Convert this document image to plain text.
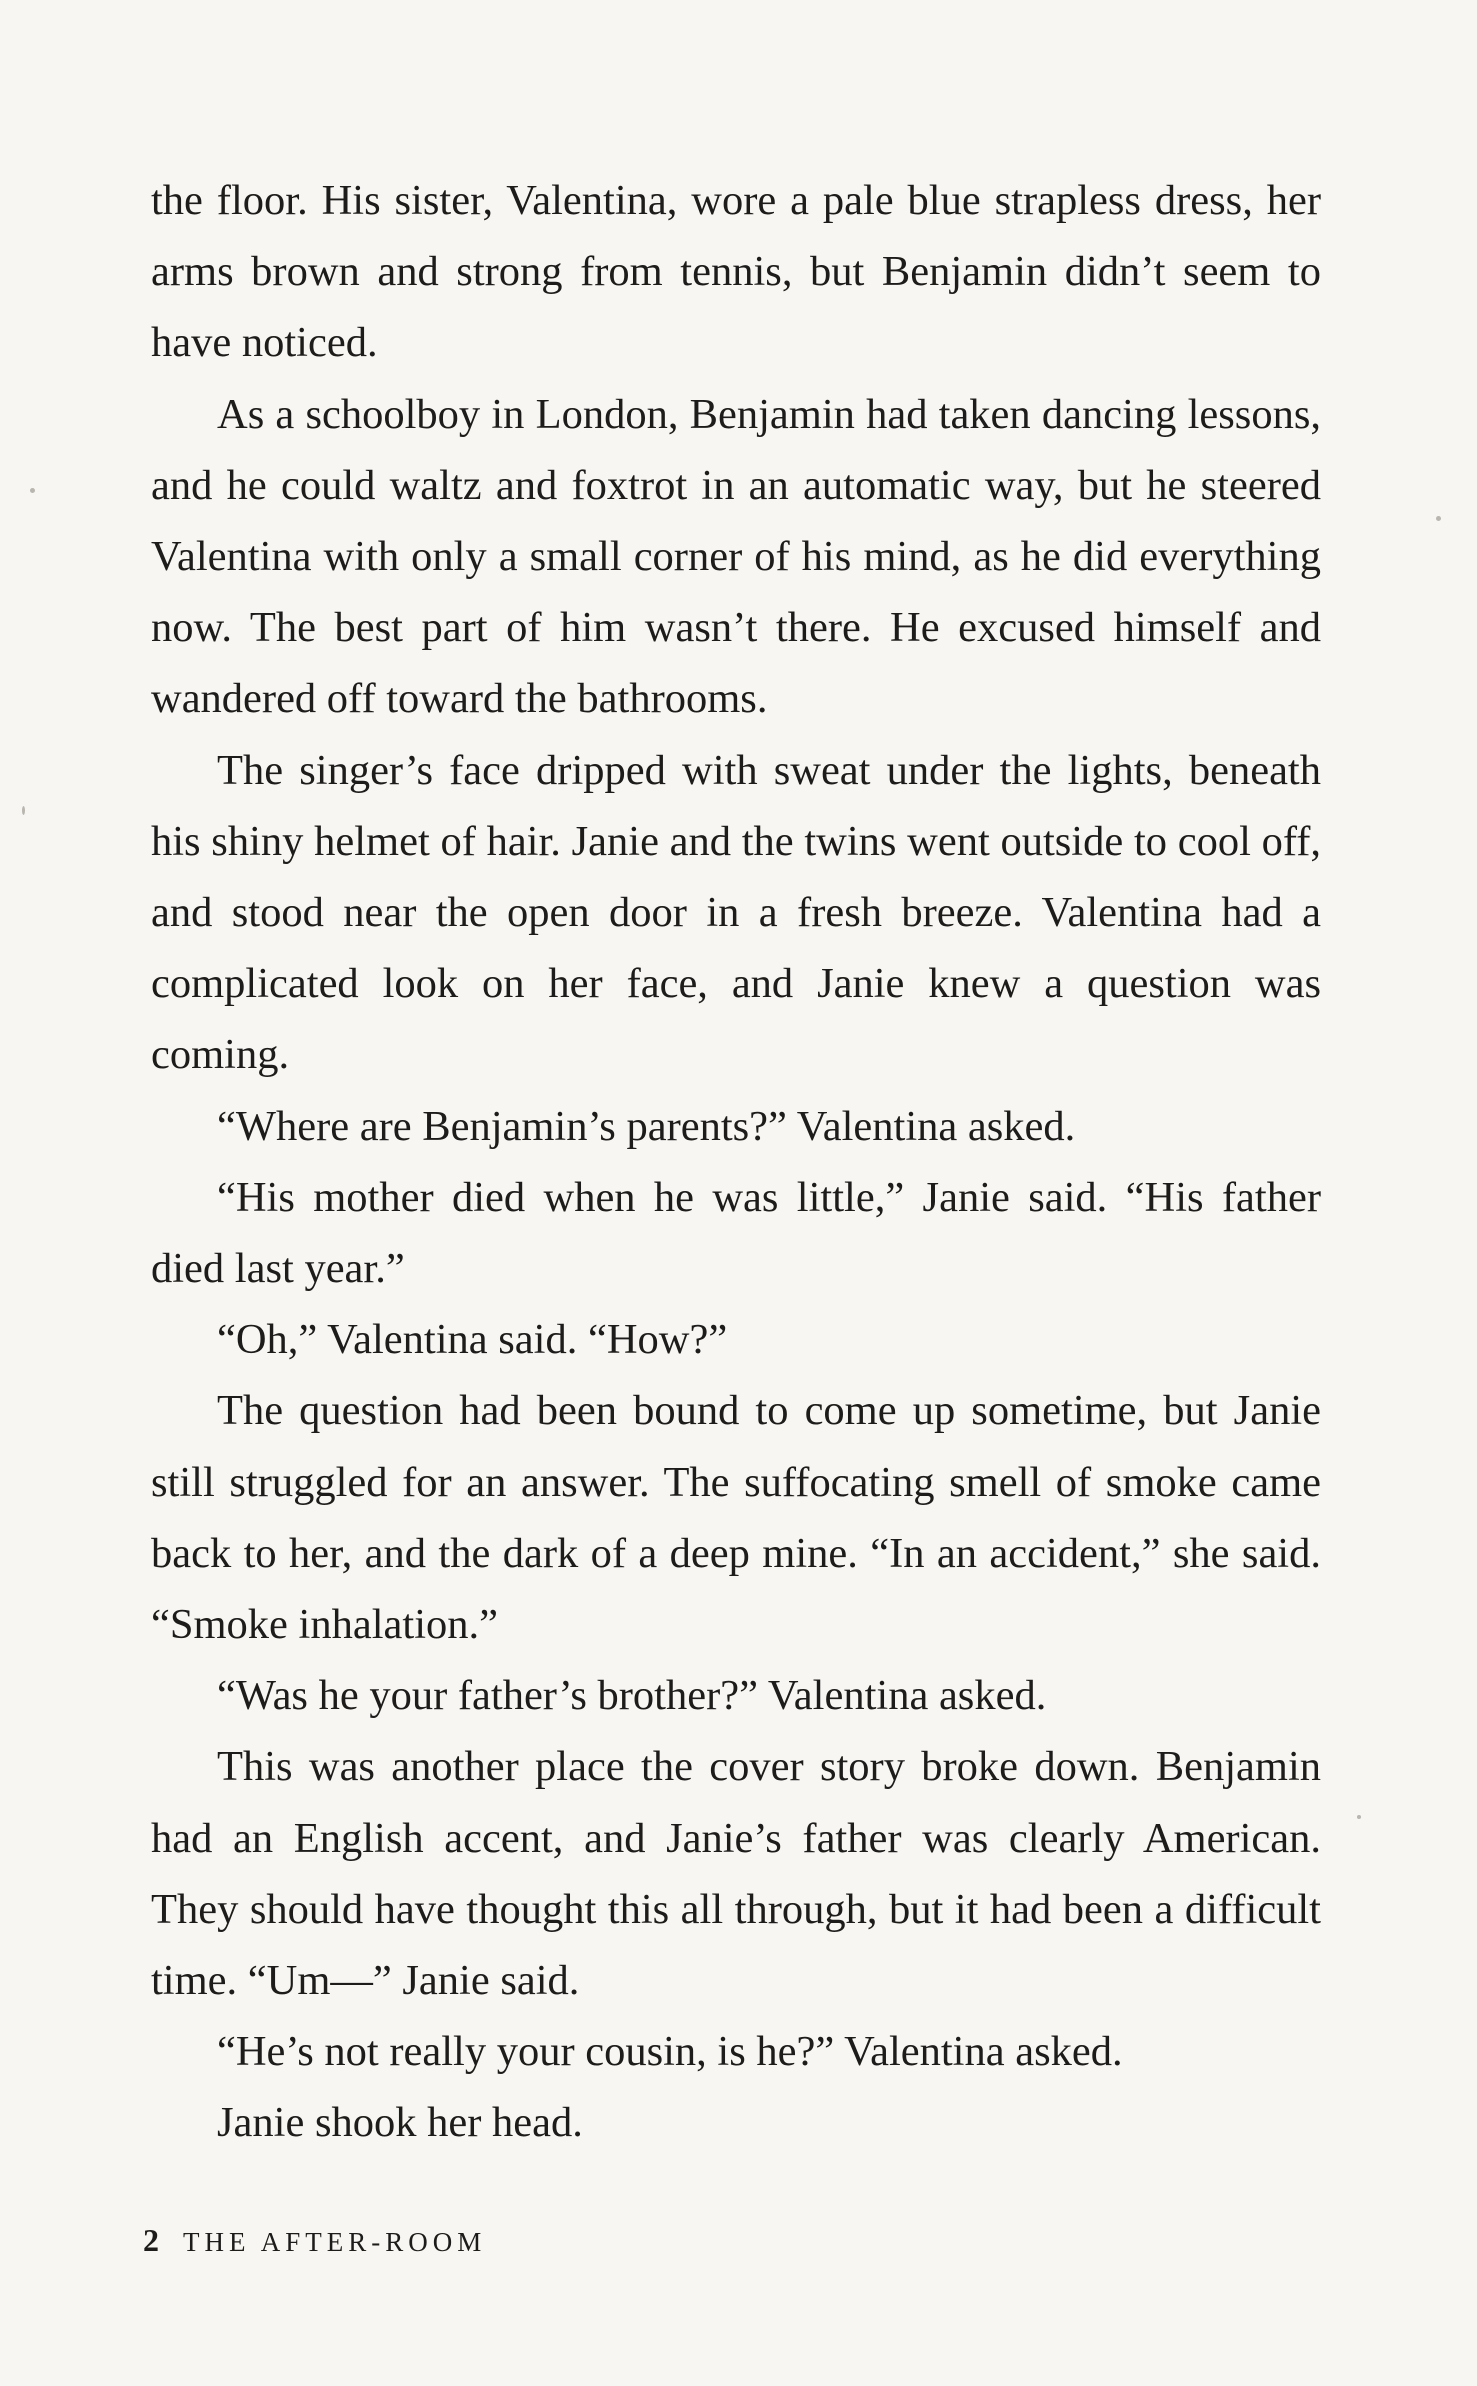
the floor. His sister, Valentina, wore a pale blue strapless dress, her arms brown and strong from tennis, but Benjamin didn’t seem to have noticed.

As a schoolboy in London, Benjamin had taken dancing lessons, and he could waltz and foxtrot in an automatic way, but he steered Valentina with only a small corner of his mind, as he did everything now. The best part of him wasn’t there. He excused himself and wandered off toward the bathrooms.

The singer’s face dripped with sweat under the lights, beneath his shiny helmet of hair. Janie and the twins went outside to cool off, and stood near the open door in a fresh breeze. Valentina had a complicated look on her face, and Janie knew a question was coming.

“Where are Benjamin’s parents?” Valentina asked.

“His mother died when he was little,” Janie said. “His father died last year.”

“Oh,” Valentina said. “How?”

The question had been bound to come up sometime, but Janie still struggled for an answer. The suffocating smell of smoke came back to her, and the dark of a deep mine. “In an accident,” she said. “Smoke inhalation.”

“Was he your father’s brother?” Valentina asked.

This was another place the cover story broke down. Benjamin had an English accent, and Janie’s father was clearly American. They should have thought this all through, but it had been a difficult time. “Um—” Janie said.

“He’s not really your cousin, is he?” Valentina asked.

Janie shook her head.

2 THE AFTER-ROOM
